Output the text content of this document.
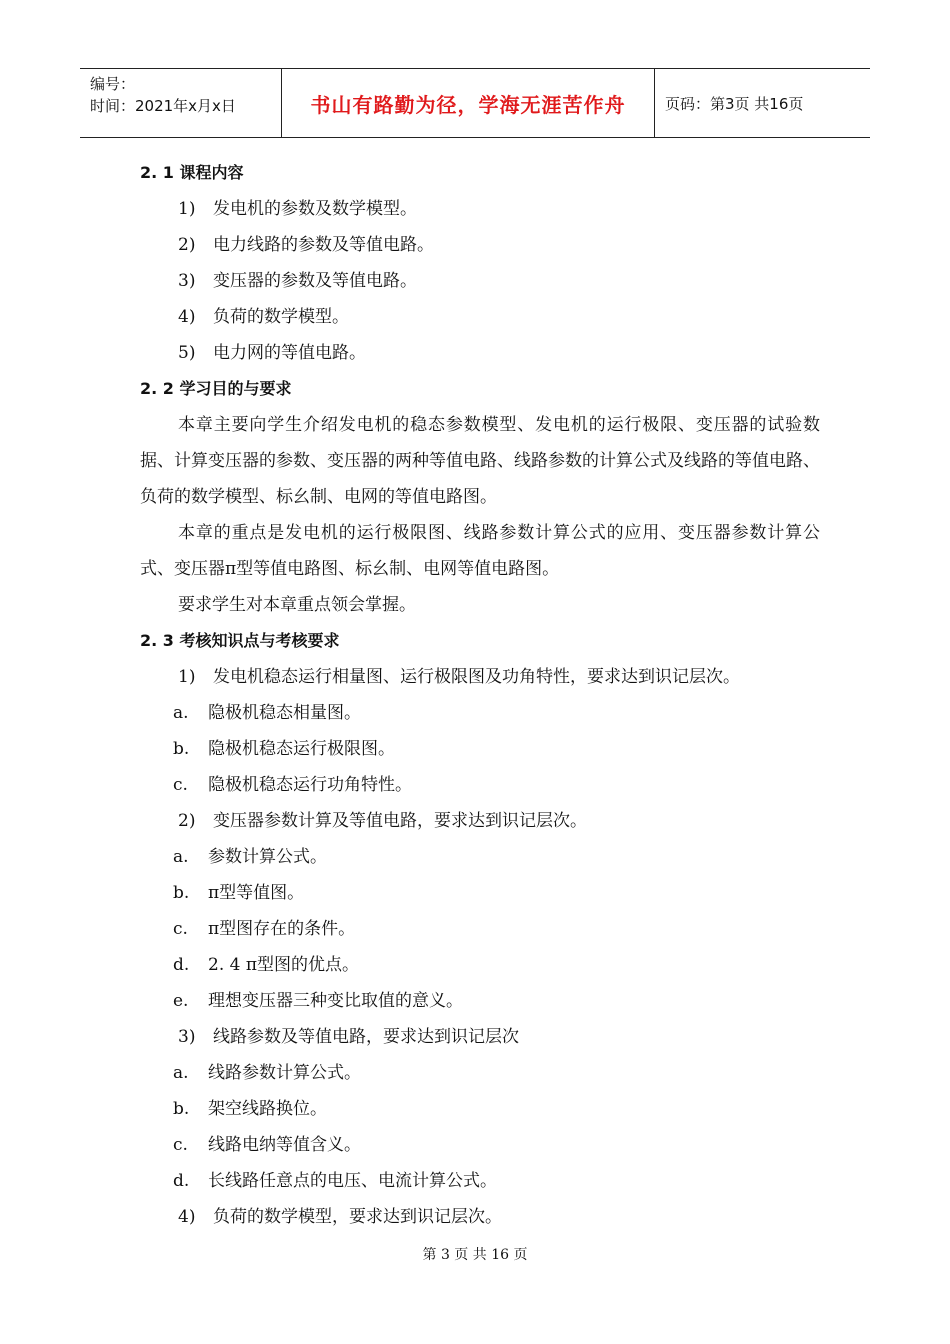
编号：
时间：2021年x月x日	书山有路勤为径，学海无涯苦作舟	页码：第3页 共16页
2. 1 课程内容
1) 发电机的参数及数学模型。
2) 电力线路的参数及等值电路。
3) 变压器的参数及等值电路。
4) 负荷的数学模型。
5) 电力网的等值电路。
2. 2 学习目的与要求

本章主要向学生介绍发电机的稳态参数模型、发电机的运行极限、变压器的试验数据、计算变压器的参数、变压器的两种等值电路、线路参数的计算公式及线路的等值电路、负荷的数学模型、标幺制、电网的等值电路图。

本章的重点是发电机的运行极限图、线路参数计算公式的应用、变压器参数计算公式、变压器π型等值电路图、标幺制、电网等值电路图。

要求学生对本章重点领会掌握。

2. 3 考核知识点与考核要求
1) 发电机稳态运行相量图、运行极限图及功角特性，要求达到识记层次。
a. 隐极机稳态相量图。
b. 隐极机稳态运行极限图。
c. 隐极机稳态运行功角特性。
2) 变压器参数计算及等值电路，要求达到识记层次。
a. 参数计算公式。
b. π型等值图。
c. π型图存在的条件。
d. 2. 4 π型图的优点。
e. 理想变压器三种变比取值的意义。
3) 线路参数及等值电路，要求达到识记层次
a. 线路参数计算公式。
b. 架空线路换位。
c. 线路电纳等值含义。
d. 长线路任意点的电压、电流计算公式。
4) 负荷的数学模型，要求达到识记层次。
第 3 页 共 16 页
